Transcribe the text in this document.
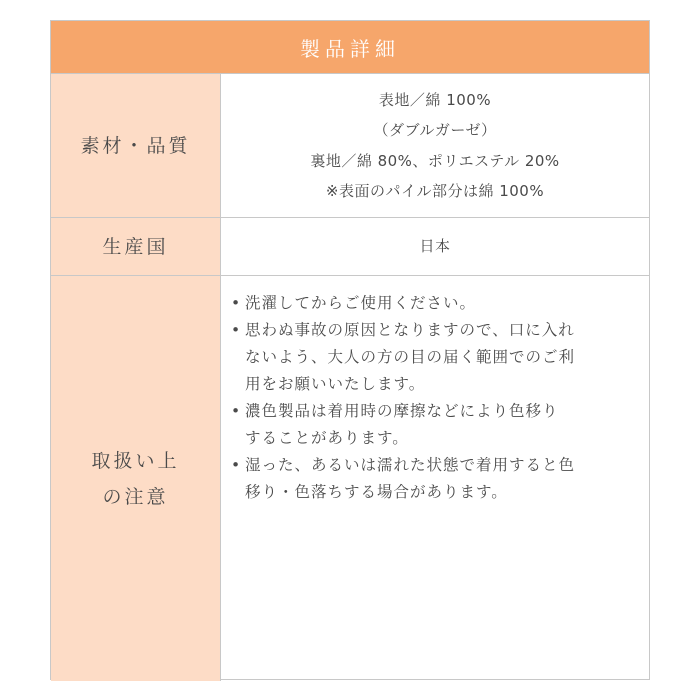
製品詳細
素材・品質
表地／綿 100%
（ダブルガーゼ）
裏地／綿 80%、ポリエステル 20%
※表面のパイル部分は綿 100%
生産国	日本
取扱い上
の注意
• 洗濯してからご使用ください。
• 思わぬ事故の原因となりますので、口に入れ
ないよう、大人の方の目の届く範囲でのご利
用をお願いいたします。
• 濃色製品は着用時の摩擦などにより色移り
することがあります。
• 湿った、あるいは濡れた状態で着用すると色
移り・色落ちする場合があります。
